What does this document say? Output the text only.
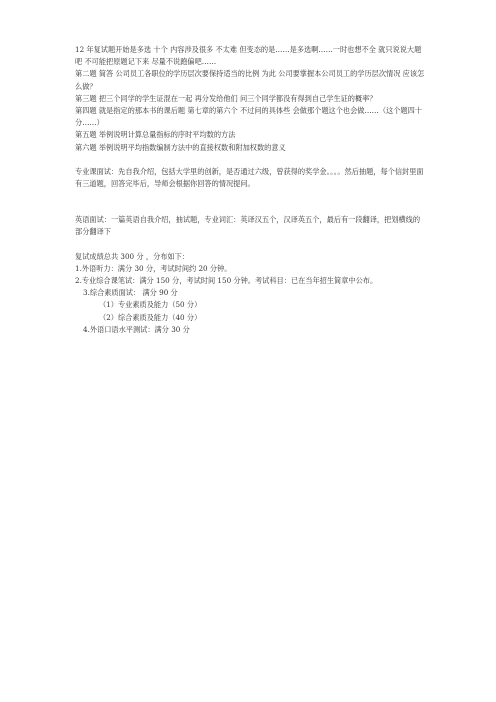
12 年复试题开始是多选 十个 内容涉及很多 不太难 但变态的是……是多选啊……一时也想不全 就只说说大题吧 不可能把原题记下来 尽量不说跑偏吧……

第二题 简答 公司员工各职位的学历层次要保持适当的比例 为此 公司要掌握本公司员工的学历层次情况 应该怎么做？

第三题 把三个同学的学生证混在一起 再分发给他们 问三个同学都没有得到自己学生证的概率？

第四题 就是指定的那本书的课后题 第七章的第六个 不过问的具体些 会做那个题这个也会做……（这个题四十分……）

第五题 举例说明计算总量指标的序时平均数的方法

第六题 举例说明平均指数编制方法中的直接权数和附加权数的意义

专业课面试：先自我介绍，包括大学里的创新，是否通过六级，曾获得的奖学金。。。。然后抽题，每个信封里面有三道题，回答完毕后，导师会根据你回答的情况提问。

英语面试：一篇英语自我介绍，抽试题，专业词汇：英译汉五个，汉译英五个，最后有一段翻译，把划横线的部分翻译下

复试成绩总共 300 分 ，分布如下：

1.外语听力：满分 30 分，考试时间约 20 分钟。

2.专业综合课笔试：满分 150 分，考试时间 150 分钟。考试科目：已在当年招生简章中公布。

3.综合素质面试： 满分 90 分

（1）专业素质及能力（50 分）

（2）综合素质及能力（40 分）

4.外语口语水平测试：满分 30 分
